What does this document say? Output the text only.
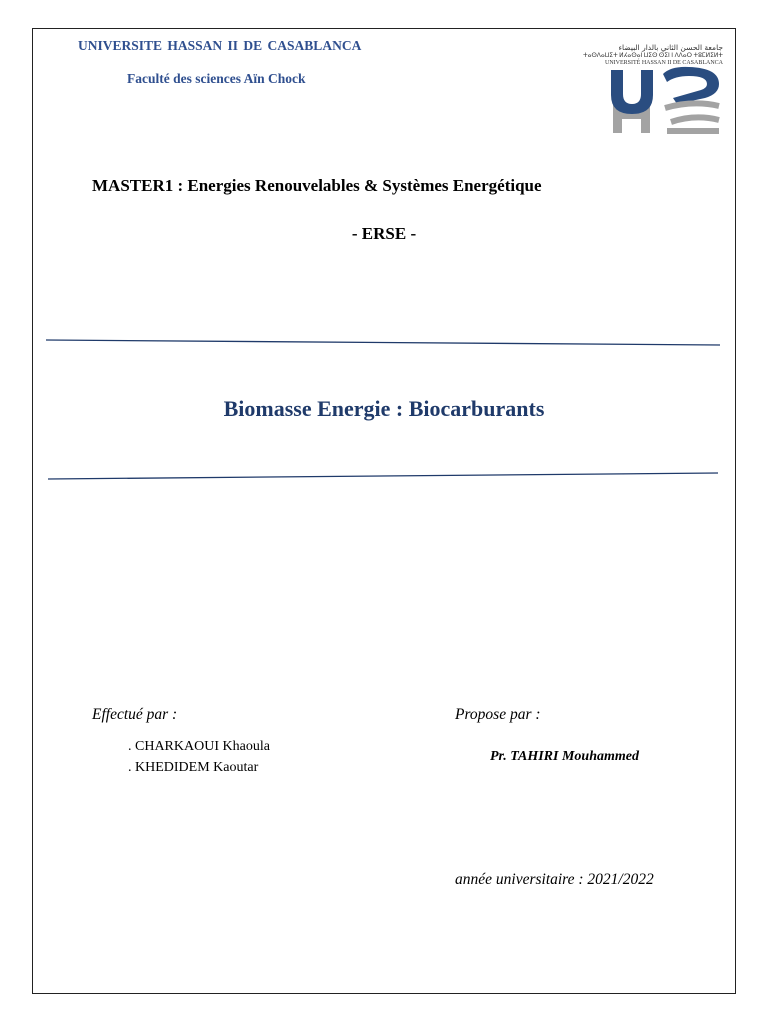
UNIVERSITE HASSAN II DE CASABLANCA
Faculté des sciences Aïn Chock
جامعة الحسن الثاني بالدار البيضاء
ⵜⴰⵙⴷⴰⵡⵉⵜ ⵍⵃⴰⵙⴰⵏ ⵡⵉⵙ ⵙⵉⵏ ⵏ ⴷⴷⴰⵔ ⵜⵓⵎⵍⵉⵍⵜ
UNIVERSITÉ HASSAN II DE CASABLANCA
MASTER1 : Energies Renouvelables & Systèmes Energétique
- ERSE -
Biomasse Energie : Biocarburants
Effectué par :
. CHARKAOUI Khaoula
. KHEDIDEM Kaoutar
Propose par :
Pr. TAHIRI Mouhammed
année universitaire : 2021/2022
